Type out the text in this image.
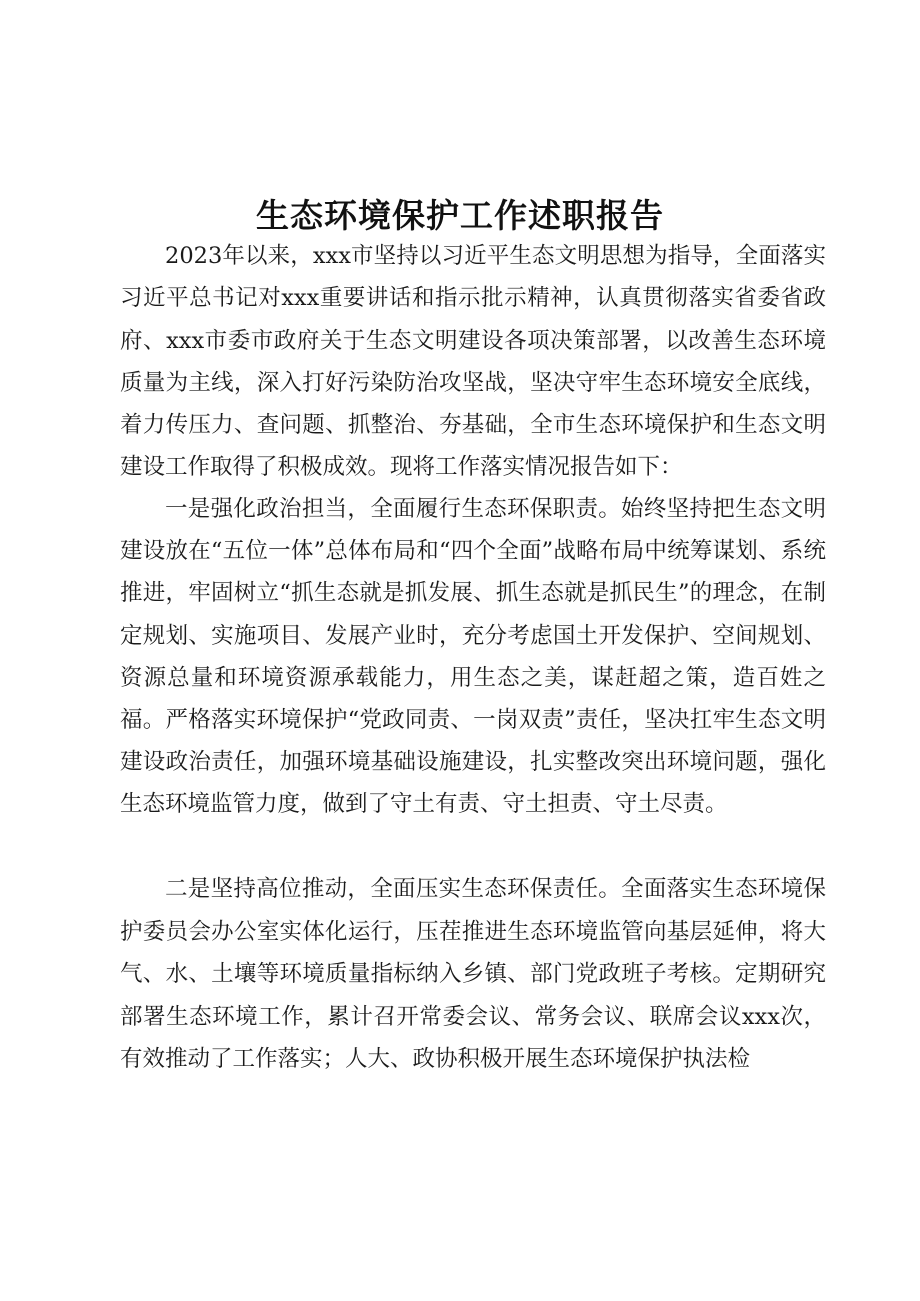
生态环境保护工作述职报告

2023年以来，xxx市坚持以习近平生态文明思想为指导，全面落实习近平总书记对xxx重要讲话和指示批示精神，认真贯彻落实省委省政府、xxx市委市政府关于生态文明建设各项决策部署，以改善生态环境质量为主线，深入打好污染防治攻坚战，坚决守牢生态环境安全底线，着力传压力、查问题、抓整治、夯基础，全市生态环境保护和生态文明建设工作取得了积极成效。现将工作落实情况报告如下：

一是强化政治担当，全面履行生态环保职责。始终坚持把生态文明建设放在“五位一体”总体布局和“四个全面”战略布局中统筹谋划、系统推进，牢固树立“抓生态就是抓发展、抓生态就是抓民生”的理念，在制定规划、实施项目、发展产业时，充分考虑国土开发保护、空间规划、资源总量和环境资源承载能力，用生态之美，谋赶超之策，造百姓之福。严格落实环境保护“党政同责、一岗双责”责任，坚决扛牢生态文明建设政治责任，加强环境基础设施建设，扎实整改突出环境问题，强化生态环境监管力度，做到了守土有责、守土担责、守土尽责。

二是坚持高位推动，全面压实生态环保责任。全面落实生态环境保护委员会办公室实体化运行，压茬推进生态环境监管向基层延伸，将大气、水、土壤等环境质量指标纳入乡镇、部门党政班子考核。定期研究部署生态环境工作，累计召开常委会议、常务会议、联席会议xxx次，有效推动了工作落实；人大、政协积极开展生态环境保护执法检
